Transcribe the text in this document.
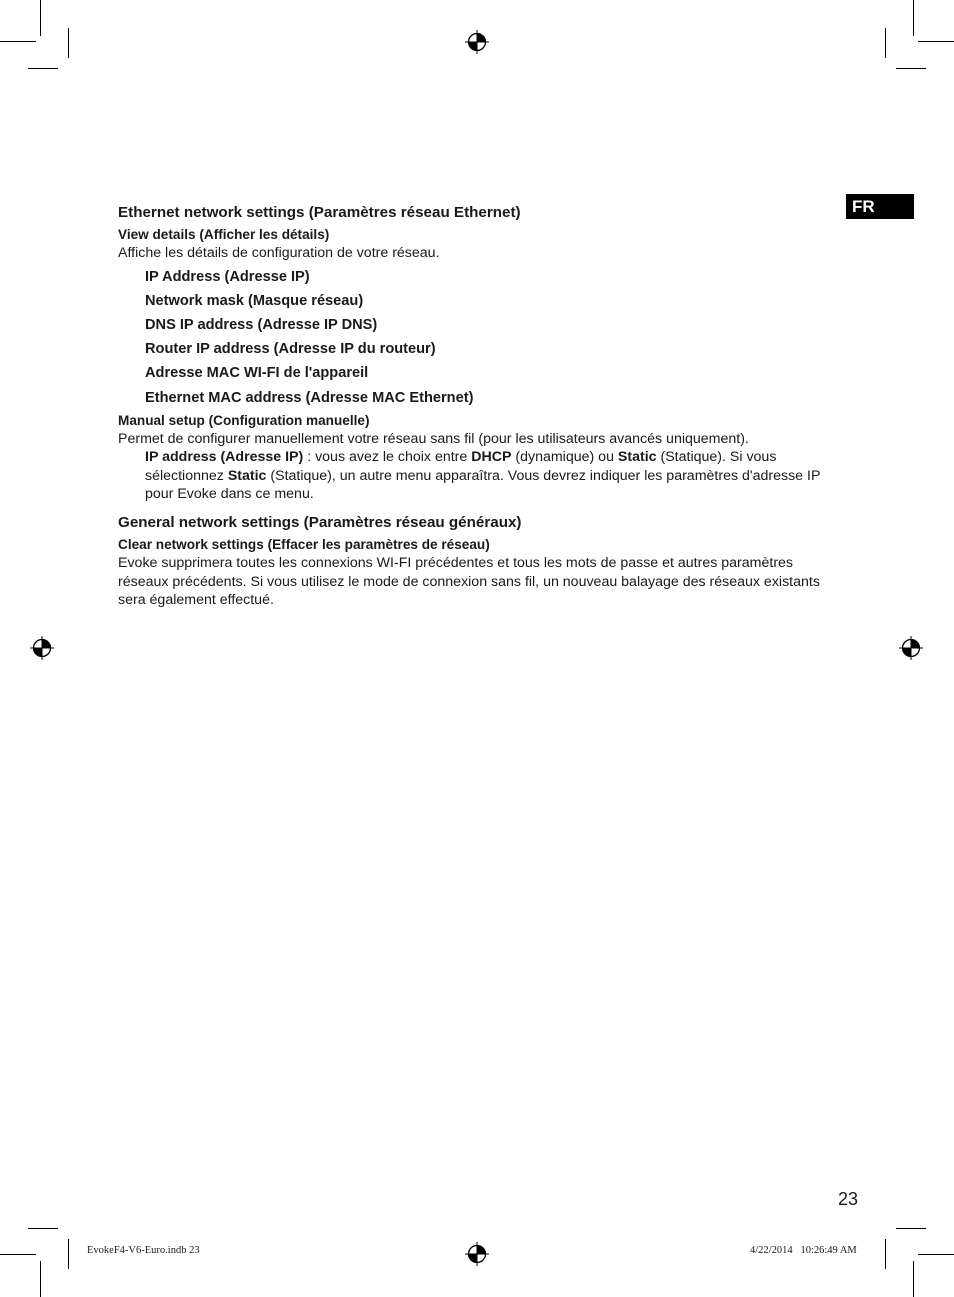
FR
Ethernet network settings (Paramètres réseau Ethernet)
View details (Afficher les détails)
Affiche les détails de configuration de votre réseau.
IP Address (Adresse IP)
Network mask (Masque réseau)
DNS IP address (Adresse IP DNS)
Router IP address (Adresse IP du routeur)
Adresse MAC WI-FI de l'appareil
Ethernet MAC address (Adresse MAC Ethernet)
Manual setup (Configuration manuelle)
Permet de configurer manuellement votre réseau sans fil (pour les utilisateurs avancés uniquement).
IP address (Adresse IP) : vous avez le choix entre DHCP (dynamique) ou Static (Statique). Si vous sélectionnez Static (Statique), un autre menu apparaîtra. Vous devrez indiquer les paramètres d'adresse IP pour Evoke dans ce menu.
General network settings (Paramètres réseau généraux)
Clear network settings (Effacer les paramètres de réseau)
Evoke supprimera toutes les connexions WI-FI précédentes et tous les mots de passe et autres paramètres réseaux précédents. Si vous utilisez le mode de connexion sans fil, un nouveau balayage des réseaux existants sera également effectué.
23
EvokeF4-V6-Euro.indb 23	4/22/2014   10:26:49 AM
